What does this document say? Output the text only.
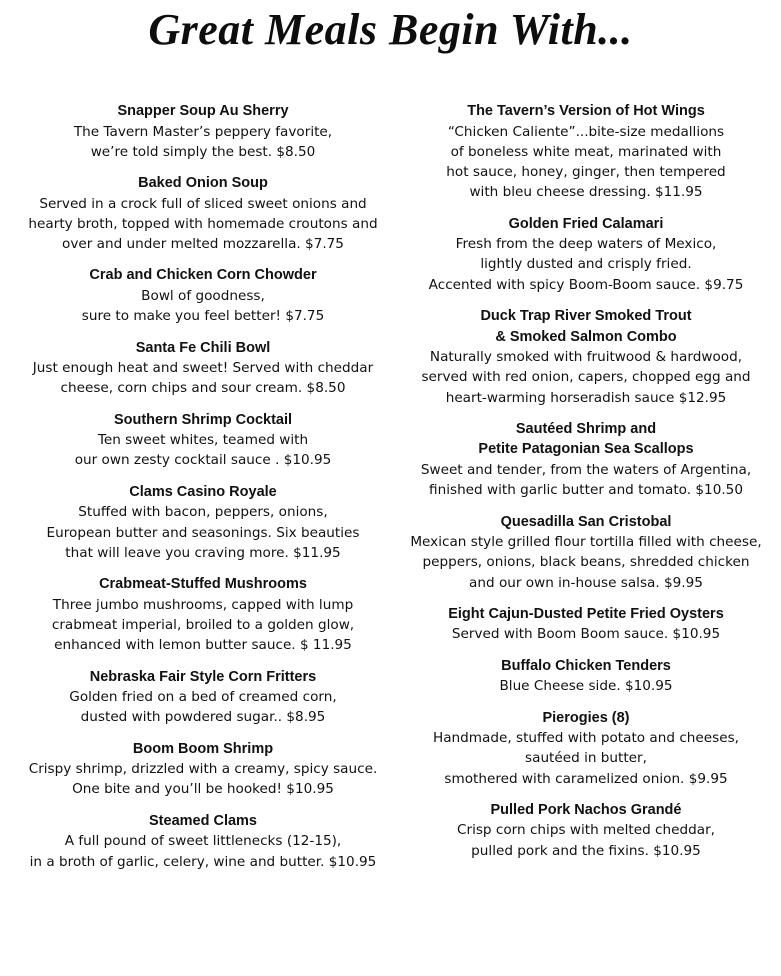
Great Meals Begin With...
Snapper Soup Au Sherry
The Tavern Master’s peppery favorite,
we’re told simply the best. $8.50
Baked Onion Soup
Served in a crock full of sliced sweet onions and
hearty broth, topped with homemade croutons and
over and under melted mozzarella. $7.75
Crab and Chicken Corn Chowder
Bowl of goodness,
sure to make you feel better! $7.75
Santa Fe Chili Bowl
Just enough heat and sweet! Served with cheddar
cheese, corn chips and sour cream. $8.50
Southern Shrimp Cocktail
Ten sweet whites, teamed with
our own zesty cocktail sauce . $10.95
Clams Casino Royale
Stuffed with bacon, peppers, onions,
European butter and seasonings. Six beauties
that will leave you craving more. $11.95
Crabmeat-Stuffed Mushrooms
Three jumbo mushrooms, capped with lump
crabmeat imperial, broiled to a golden glow,
enhanced with lemon butter sauce. $ 11.95
Nebraska Fair Style Corn Fritters
Golden fried on a bed of creamed corn,
dusted with powdered sugar.. $8.95
Boom Boom Shrimp
Crispy shrimp, drizzled with a creamy, spicy sauce.
One bite and you’ll be hooked! $10.95
Steamed Clams
A full pound of sweet littlenecks (12-15),
in a broth of garlic, celery, wine and butter. $10.95
The Tavern’s Version of Hot Wings
“Chicken Caliente”...bite-size medallions
of boneless white meat, marinated with
hot sauce, honey, ginger, then tempered
with bleu cheese dressing. $11.95
Golden Fried Calamari
Fresh from the deep waters of Mexico,
lightly dusted and crisply fried.
Accented with spicy Boom-Boom sauce. $9.75
Duck Trap River Smoked Trout
& Smoked Salmon Combo
Naturally smoked with fruitwood & hardwood,
served with red onion, capers, chopped egg and
heart-warming horseradish sauce $12.95
Sautéed Shrimp and
Petite Patagonian Sea Scallops
Sweet and tender, from the waters of Argentina,
finished with garlic butter and tomato. $10.50
Quesadilla San Cristobal
Mexican style grilled flour tortilla filled with cheese,
peppers, onions, black beans, shredded chicken
and our own in-house salsa. $9.95
Eight Cajun-Dusted Petite Fried Oysters
Served with Boom Boom sauce. $10.95
Buffalo Chicken Tenders
Blue Cheese side. $10.95
Pierogies (8)
Handmade, stuffed with potato and cheeses,
sautéed in butter,
smothered with caramelized onion. $9.95
Pulled Pork Nachos Grandé
Crisp corn chips with melted cheddar,
pulled pork and the fixins. $10.95
